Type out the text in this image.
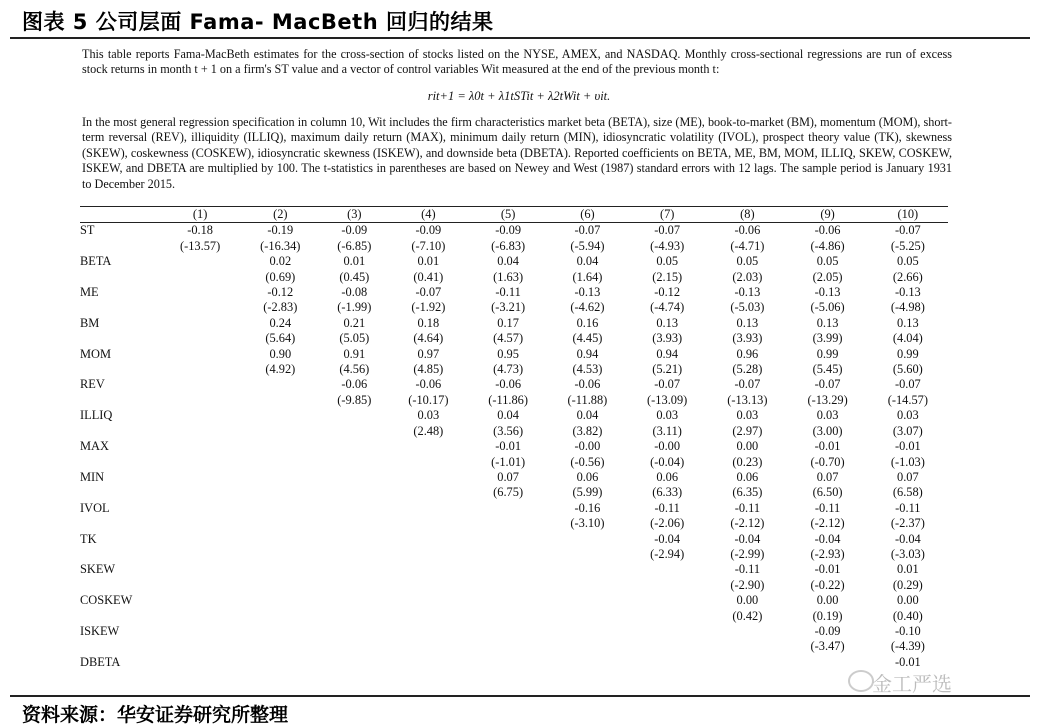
图表 5 公司层面 Fama- MacBeth 回归的结果

This table reports Fama-MacBeth estimates for the cross-section of stocks listed on the NYSE, AMEX, and NASDAQ. Monthly cross-sectional regressions are run of excess stock returns in month t + 1 on a firm's ST value and a vector of control variables Wit measured at the end of the previous month t:

rit+1 = λ0t + λ1tSTit + λ2tWit + υit.

In the most general regression specification in column 10, Wit includes the firm characteristics market beta (BETA), size (ME), book-to-market (BM), momentum (MOM), short-term reversal (REV), illiquidity (ILLIQ), maximum daily return (MAX), minimum daily return (MIN), idiosyncratic volatility (IVOL), prospect theory value (TK), skewness (SKEW), coskewness (COSKEW), idiosyncratic skewness (ISKEW), and downside beta (DBETA). Reported coefficients on BETA, ME, BM, MOM, ILLIQ, SKEW, COSKEW, ISKEW, and DBETA are multiplied by 100. The t-statistics in parentheses are based on Newey and West (1987) standard errors with 12 lags. The sample period is January 1931 to December 2015.

	(1)	(2)	(3)	(4)	(5)	(6)	(7)	(8)	(9)	(10)
ST	-0.18	-0.19	-0.09	-0.09	-0.09	-0.07	-0.07	-0.06	-0.06	-0.07
	(-13.57)	(-16.34)	(-6.85)	(-7.10)	(-6.83)	(-5.94)	(-4.93)	(-4.71)	(-4.86)	(-5.25)
BETA		0.02	0.01	0.01	0.04	0.04	0.05	0.05	0.05	0.05
		(0.69)	(0.45)	(0.41)	(1.63)	(1.64)	(2.15)	(2.03)	(2.05)	(2.66)
ME		-0.12	-0.08	-0.07	-0.11	-0.13	-0.12	-0.13	-0.13	-0.13
		(-2.83)	(-1.99)	(-1.92)	(-3.21)	(-4.62)	(-4.74)	(-5.03)	(-5.06)	(-4.98)
BM		0.24	0.21	0.18	0.17	0.16	0.13	0.13	0.13	0.13
		(5.64)	(5.05)	(4.64)	(4.57)	(4.45)	(3.93)	(3.93)	(3.99)	(4.04)
MOM		0.90	0.91	0.97	0.95	0.94	0.94	0.96	0.99	0.99
		(4.92)	(4.56)	(4.85)	(4.73)	(4.53)	(5.21)	(5.28)	(5.45)	(5.60)
REV			-0.06	-0.06	-0.06	-0.06	-0.07	-0.07	-0.07	-0.07
			(-9.85)	(-10.17)	(-11.86)	(-11.88)	(-13.09)	(-13.13)	(-13.29)	(-14.57)
ILLIQ				0.03	0.04	0.04	0.03	0.03	0.03	0.03
				(2.48)	(3.56)	(3.82)	(3.11)	(2.97)	(3.00)	(3.07)
MAX					-0.01	-0.00	-0.00	0.00	-0.01	-0.01
					(-1.01)	(-0.56)	(-0.04)	(0.23)	(-0.70)	(-1.03)
MIN					0.07	0.06	0.06	0.06	0.07	0.07
					(6.75)	(5.99)	(6.33)	(6.35)	(6.50)	(6.58)
IVOL						-0.16	-0.11	-0.11	-0.11	-0.11
						(-3.10)	(-2.06)	(-2.12)	(-2.12)	(-2.37)
TK							-0.04	-0.04	-0.04	-0.04
							(-2.94)	(-2.99)	(-2.93)	(-3.03)
SKEW								-0.11	-0.01	0.01
								(-2.90)	(-0.22)	(0.29)
COSKEW								0.00	0.00	0.00
								(0.42)	(0.19)	(0.40)
ISKEW									-0.09	-0.10
									(-3.47)	(-4.39)
DBETA										-0.01

金工严选
资料来源：华安证券研究所整理
